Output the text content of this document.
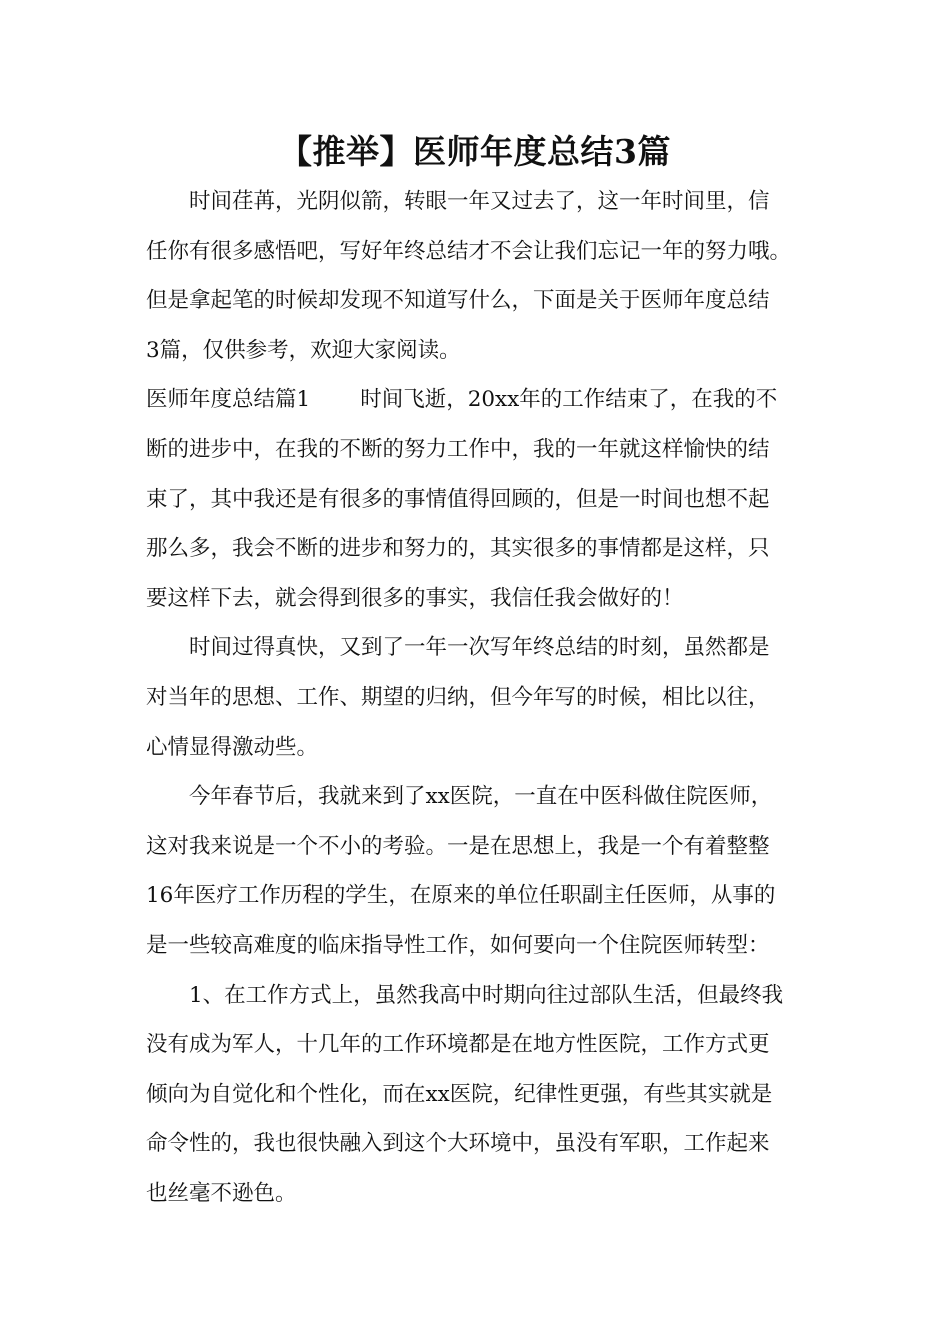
【推举】医师年度总结3篇
时间荏苒，光阴似箭，转眼一年又过去了，这一年时间里，信
任你有很多感悟吧，写好年终总结才不会让我们忘记一年的努力哦。
但是拿起笔的时候却发现不知道写什么，下面是关于医师年度总结
3篇，仅供参考，欢迎大家阅读。
医师年度总结篇1 时间飞逝，20xx年的工作结束了，在我的不
断的进步中，在我的不断的努力工作中，我的一年就这样愉快的结
束了，其中我还是有很多的事情值得回顾的，但是一时间也想不起
那么多，我会不断的进步和努力的，其实很多的事情都是这样，只
要这样下去，就会得到很多的事实，我信任我会做好的！
时间过得真快，又到了一年一次写年终总结的时刻，虽然都是
对当年的思想、工作、期望的归纳，但今年写的时候，相比以往，
心情显得激动些。
今年春节后，我就来到了xx医院，一直在中医科做住院医师，
这对我来说是一个不小的考验。一是在思想上，我是一个有着整整
16年医疗工作历程的学生，在原来的单位任职副主任医师，从事的
是一些较高难度的临床指导性工作，如何要向一个住院医师转型：
1、在工作方式上，虽然我高中时期向往过部队生活，但最终我
没有成为军人，十几年的工作环境都是在地方性医院，工作方式更
倾向为自觉化和个性化，而在xx医院，纪律性更强，有些其实就是
命令性的，我也很快融入到这个大环境中，虽没有军职，工作起来
也丝毫不逊色。
